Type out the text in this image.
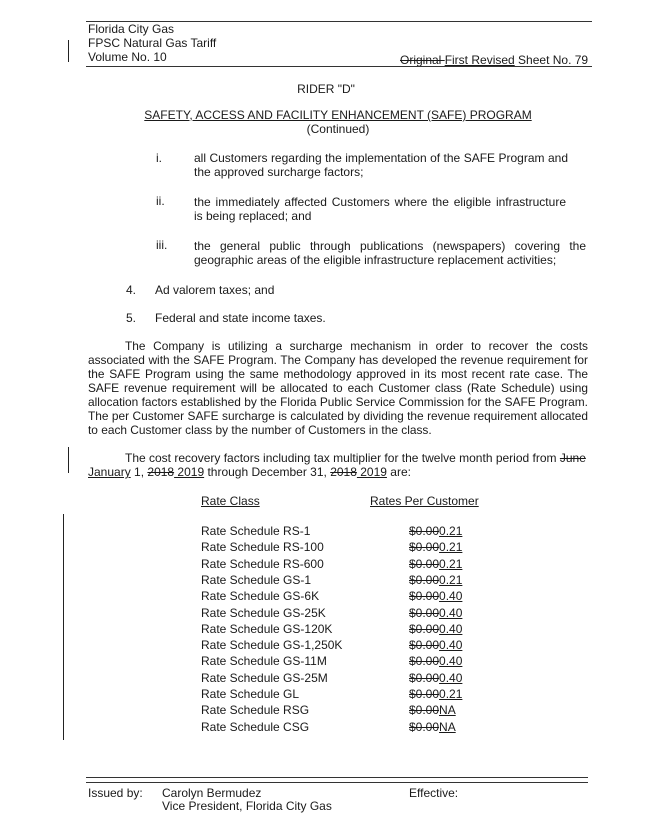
Florida City Gas
FPSC Natural Gas Tariff
Volume No. 10	Original First Revised Sheet No. 79
RIDER "D"
SAFETY, ACCESS AND FACILITY ENHANCEMENT (SAFE) PROGRAM
(Continued)
i.	all Customers regarding the implementation of the SAFE Program and the approved surcharge factors;
ii. the immediately affected Customers where the eligible infrastructure is being replaced; and
iii. the general public through publications (newspapers) covering the geographic areas of the eligible infrastructure replacement activities;
4. Ad valorem taxes; and
5. Federal and state income taxes.
The Company is utilizing a surcharge mechanism in order to recover the costs associated with the SAFE Program. The Company has developed the revenue requirement for the SAFE Program using the same methodology approved in its most recent rate case. The SAFE revenue requirement will be allocated to each Customer class (Rate Schedule) using allocation factors established by the Florida Public Service Commission for the SAFE Program. The per Customer SAFE surcharge is calculated by dividing the revenue requirement allocated to each Customer class by the number of Customers in the class.
The cost recovery factors including tax multiplier for the twelve month period from June
January 1, 2018 2019 through December 31, 2018 2019 are:
Rate Class	Rates Per Customer
Rate Schedule RS-1	$0.000.21
Rate Schedule RS-100	$0.000.21
Rate Schedule RS-600	$0.000.21
Rate Schedule GS-1	$0.000.21
Rate Schedule GS-6K	$0.000.40
Rate Schedule GS-25K	$0.000.40
Rate Schedule GS-120K	$0.000.40
Rate Schedule GS-1,250K	$0.000.40
Rate Schedule GS-11M	$0.000.40
Rate Schedule GS-25M	$0.000.40
Rate Schedule GL	$0.000.21
Rate Schedule RSG	$0.00NA
Rate Schedule CSG	$0.00NA
Issued by: Carolyn Bermudez
Vice President, Florida City Gas
Effective:
